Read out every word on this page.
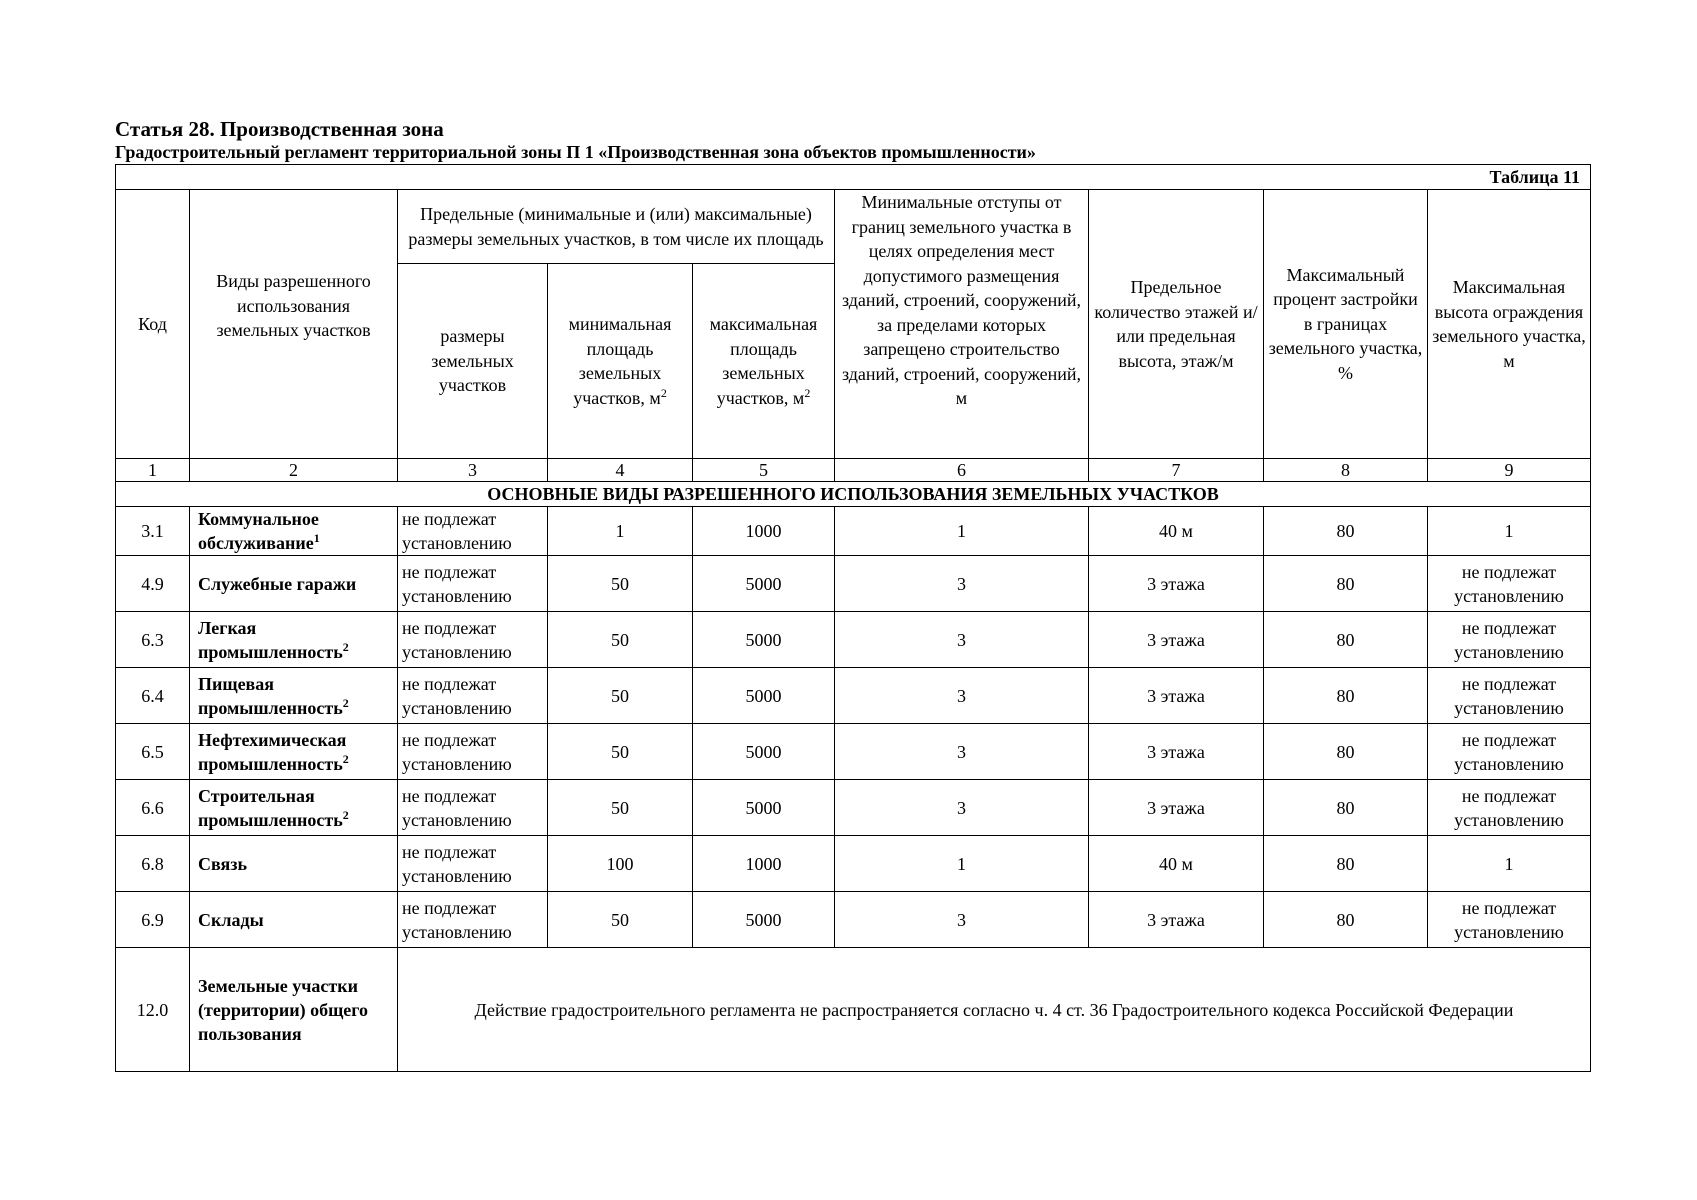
Статья 28. Производственная зона

Градостроительный регламент территориальной зоны П 1 «Производственная зона объектов промышленности»

Таблица 11								
Код	Виды разрешенного использования земельных участков	Предельные (минимальные и (или) максимальные) размеры земельных участков, в том числе их площадь			Минимальные отступы от границ земельного участка в целях определения мест допустимого размещения зданий, строений, сооружений, за пределами которых запрещено строительство зданий, строений, сооружений, м	Предельное количество этажей и/или предельная высота, этаж/м	Максимальный процент застройки в границах земельного участка, %	Максимальная высота ограждения земельного участка, м
		размеры земельных участков	минимальная площадь земельных участков, $м^2$	максимальная площадь земельных участков, $м^2$
1	2	3	4	5	6	7	8	9
ОСНОВНЫЕ ВИДЫ РАЗРЕШЕННОГО ИСПОЛЬЗОВАНИЯ ЗЕМЕЛЬНЫХ УЧАСТКОВ								
3.1	Коммунальное обслуживание$^1$	не подлежат установлению	1	1000	1	40 м	80	1
4.9	Служебные гаражи	не подлежат установлению	50	5000	3	3 этажа	80	не подлежат установлению
6.3	Легкая промышленность$^2$	не подлежат установлению	50	5000	3	3 этажа	80	не подлежат установлению
6.4	Пищевая промышленность$^2$	не подлежат установлению	50	5000	3	3 этажа	80	не подлежат установлению
6.5	Нефтехимическая промышленность$^2$	не подлежат установлению	50	5000	3	3 этажа	80	не подлежат установлению
6.6	Строительная промышленность$^2$	не подлежат установлению	50	5000	3	3 этажа	80	не подлежат установлению
6.8	Связь	не подлежат установлению	100	1000	1	40 м	80	1
6.9	Склады	не подлежат установлению	50	5000	3	3 этажа	80	не подлежат установлению
12.0	Земельные участки (территории) общего пользования	Действие градостроительного регламента не распространяется согласно ч. 4 ст. 36 Градостроительного кодекса Российской Федерации						
